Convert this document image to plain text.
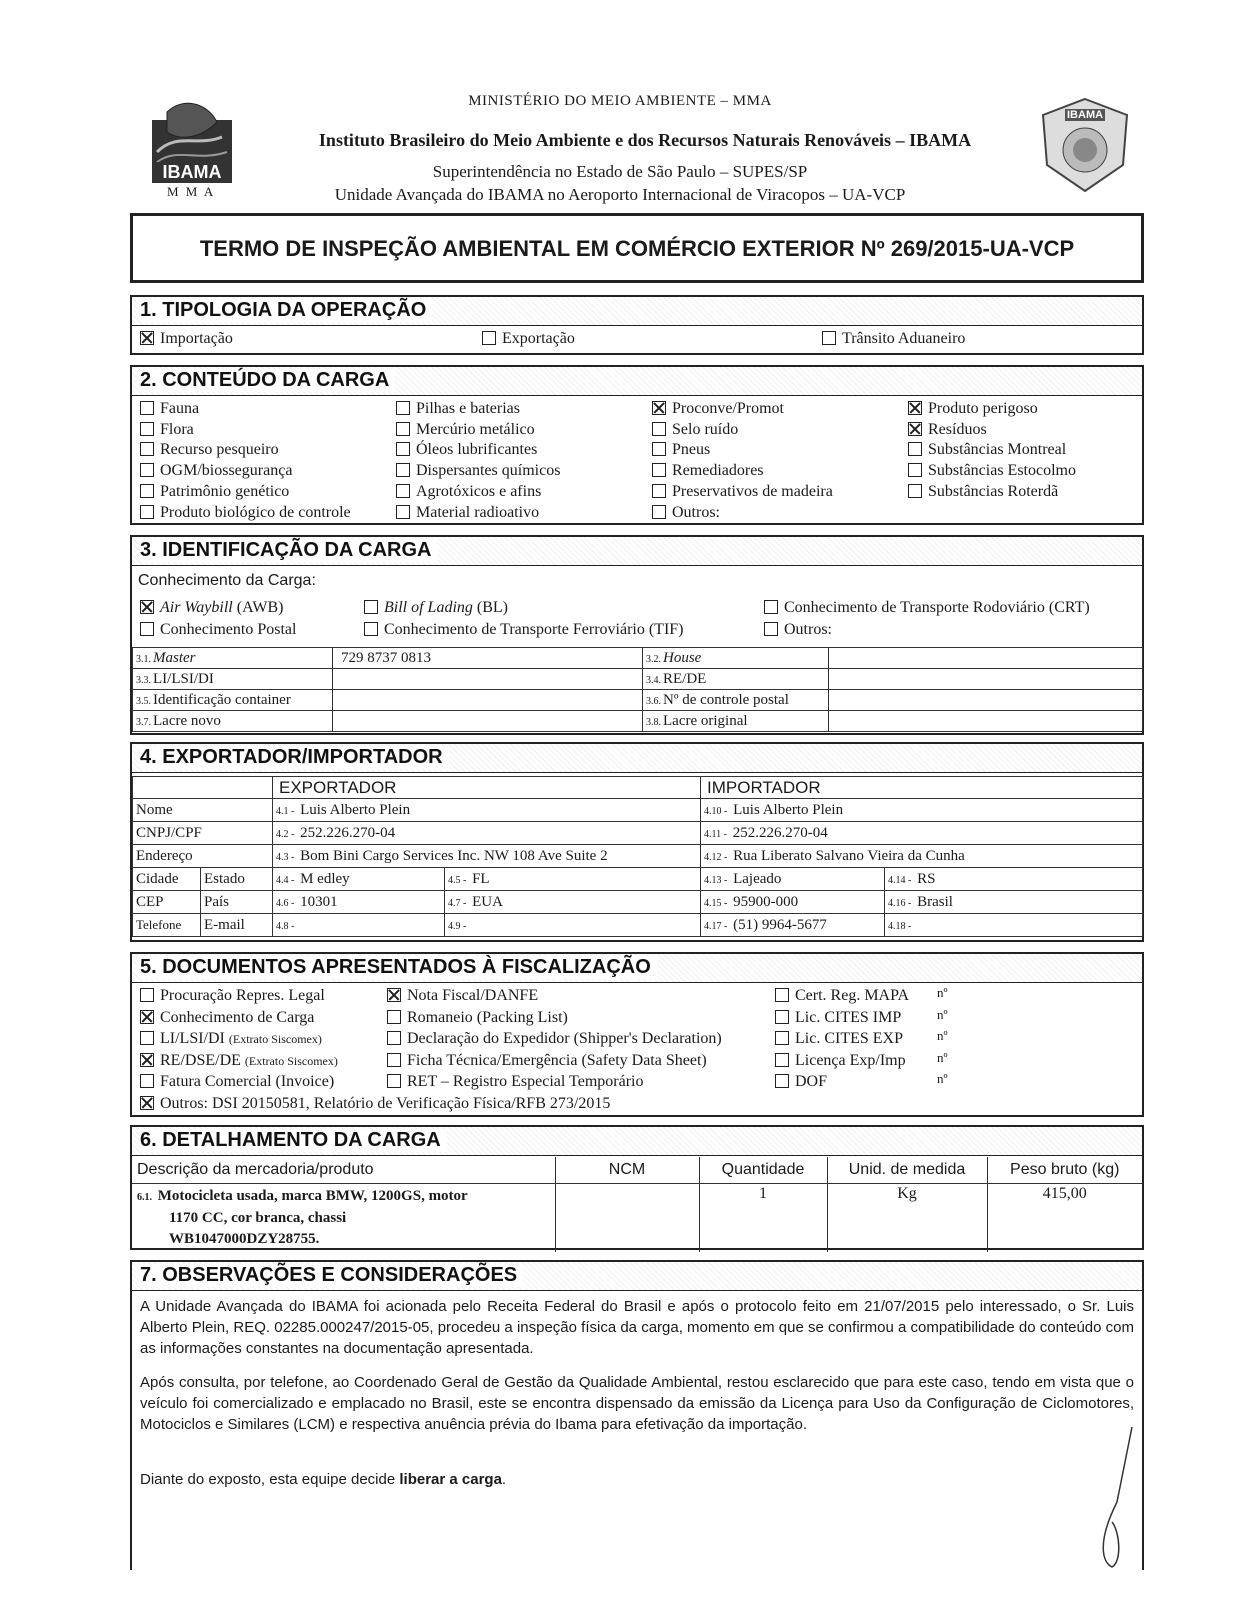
IBAMA
M M A
MINISTÉRIO DO MEIO AMBIENTE – MMA
Instituto Brasileiro do Meio Ambiente e dos Recursos Naturais Renováveis – IBAMA
Superintendência no Estado de São Paulo – SUPES/SP
Unidade Avançada do IBAMA no Aeroporto Internacional de Viracopos – UA-VCP
IBAMA
TERMO DE INSPEÇÃO AMBIENTAL EM COMÉRCIO EXTERIOR Nº 269/2015-UA-VCP
1. TIPOLOGIA DA OPERAÇÃO
Importação	Exportação	Trânsito Aduaneiro
2. CONTEÚDO DA CARGA
Fauna
Flora
Recurso pesqueiro
OGM/biossegurança
Patrimônio genético
Produto biológico de controle
Pilhas e baterias
Mercúrio metálico
Óleos lubrificantes
Dispersantes químicos
Agrotóxicos e afins
Material radioativo
Proconve/Promot
Selo ruído
Pneus
Remediadores
Preservativos de madeira
Outros:
Produto perigoso
Resíduos
Substâncias Montreal
Substâncias Estocolmo
Substâncias Roterdã
3. IDENTIFICAÇÃO DA CARGA
Conhecimento da Carga:
Air Waybill (AWB)	Bill of Lading (BL)	Conhecimento de Transporte Rodoviário (CRT)
Conhecimento Postal	Conhecimento de Transporte Ferroviário (TIF)	Outros:
3.1. Master	729 8737 0813	3.2. House	
3.3. LI/LSI/DI		3.4. RE/DE	
3.5. Identificação container		3.6. Nº de controle postal	
3.7. Lacre novo		3.8. Lacre original	
4. EXPORTADOR/IMPORTADOR
		EXPORTADOR		IMPORTADOR	
Nome		4.1 - Luis Alberto Plein		4.10 - Luis Alberto Plein	
CNPJ/CPF		4.2 - 252.226.270-04		4.11 - 252.226.270-04	
Endereço		4.3 - Bom Bini Cargo Services Inc. NW 108 Ave Suite 2		4.12 - Rua Liberato Salvano Vieira da Cunha	
Cidade	Estado	4.4 - M edley	4.5 - FL	4.13 - Lajeado	4.14 - RS
CEP	País	4.6 - 10301	4.7 - EUA	4.15 - 95900-000	4.16 - Brasil
Telefone	E-mail	4.8 -	4.9 -	4.17 - (51) 9964-5677	4.18 -
5. DOCUMENTOS APRESENTADOS À FISCALIZAÇÃO
Procuração Repres. Legal
Conhecimento de Carga
LI/LSI/DI (Extrato Siscomex)
RE/DSE/DE (Extrato Siscomex)
Fatura Comercial (Invoice)
Nota Fiscal/DANFE
Romaneio (Packing List)
Declaração do Expedidor (Shipper's Declaration)
Ficha Técnica/Emergência (Safety Data Sheet)
RET – Registro Especial Temporário
Cert. Reg. MAPA nº
Lic. CITES IMP	nº
Lic. CITES EXP	nº
Licença Exp/Imp nº
DOF	nº
Outros: DSI 20150581, Relatório de Verificação Física/RFB 273/2015
6. DETALHAMENTO DA CARGA
Descrição da mercadoria/produto	NCM	Quantidade	Unid. de medida	Peso bruto (kg)
6.1. Motocicleta usada, marca BMW, 1200GS, motor
1170 CC, cor branca, chassi
WB1047000DZY28755.		1	Kg	415,00
7. OBSERVAÇÕES E CONSIDERAÇÕES
A Unidade Avançada do IBAMA foi acionada pelo Receita Federal do Brasil e após o protocolo feito em 21/07/2015 pelo interessado, o Sr. Luis Alberto Plein, REQ. 02285.000247/2015-05, procedeu a inspeção física da carga, momento em que se confirmou a compatibilidade do conteúdo com as informações constantes na documentação apresentada.
Após consulta, por telefone, ao Coordenado Geral de Gestão da Qualidade Ambiental, restou esclarecido que para este caso, tendo em vista que o veículo foi comercializado e emplacado no Brasil, este se encontra dispensado da emissão da Licença para Uso da Configuração de Ciclomotores, Motociclos e Similares (LCM) e respectiva anuência prévia do Ibama para efetivação da importação.
Diante do exposto, esta equipe decide liberar a carga.
